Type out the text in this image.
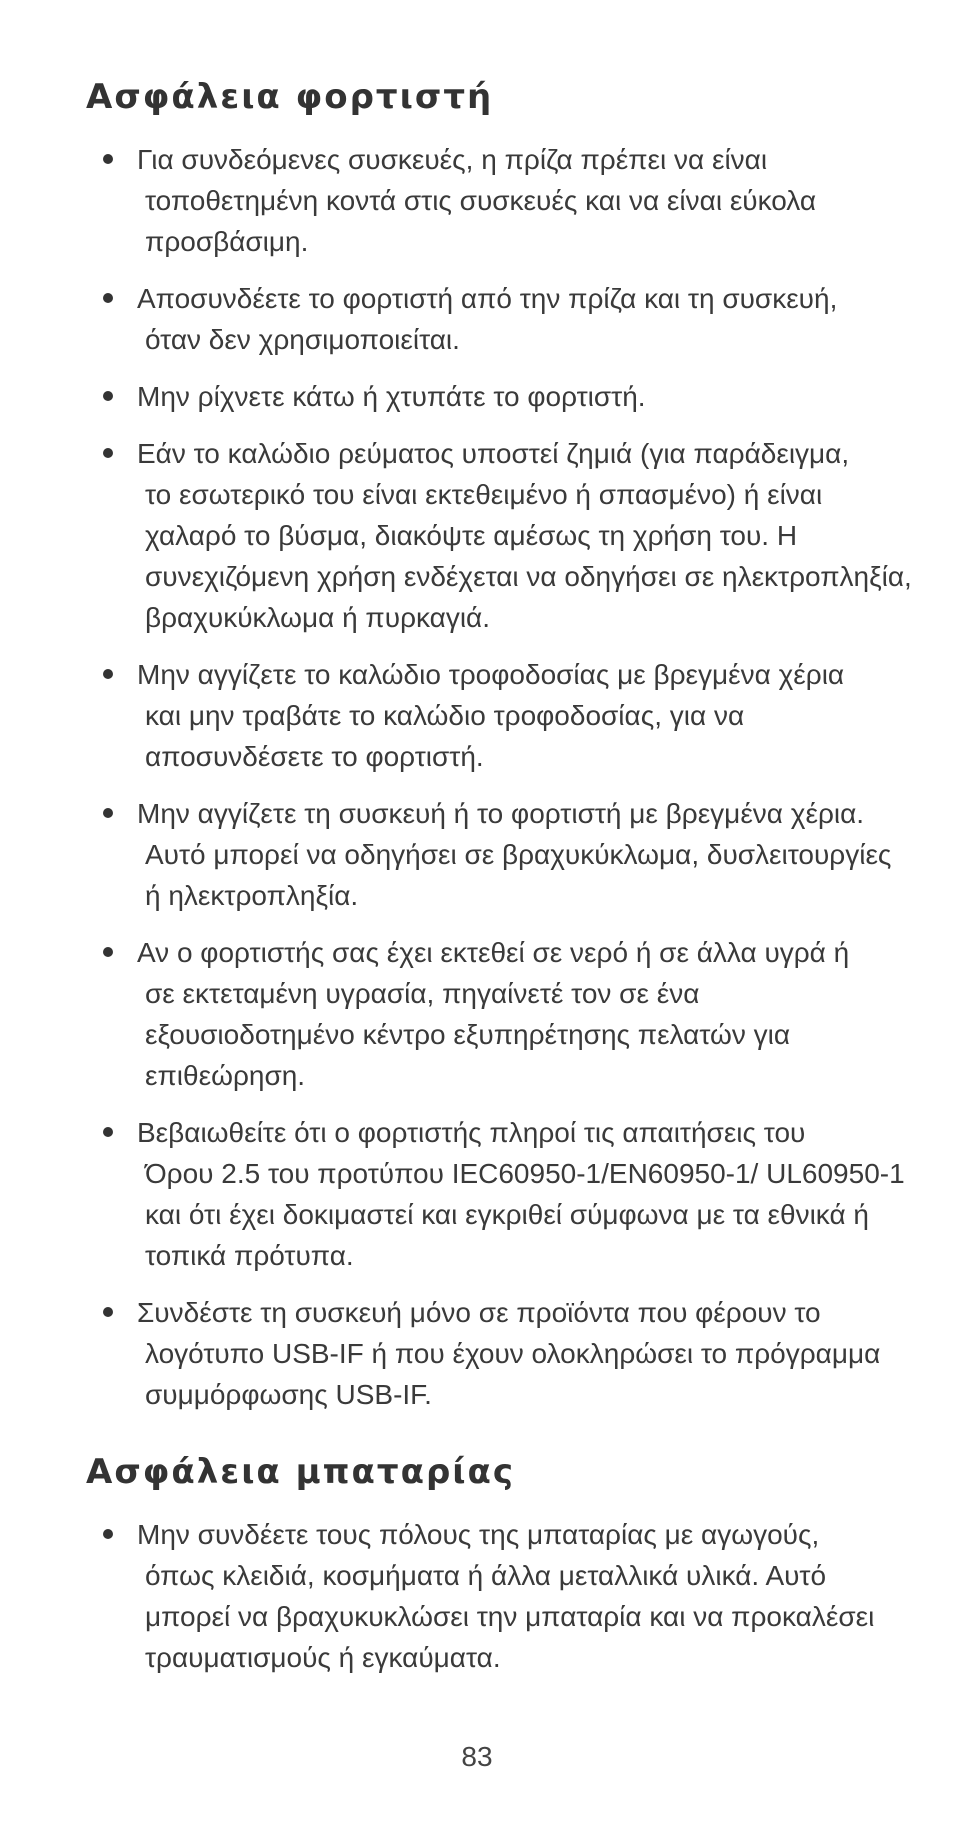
Ασφάλεια φορτιστή
Για συνδεόμενες συσκευές, η πρίζα πρέπει να είναι
τοποθετημένη κοντά στις συσκευές και να είναι εύκολα προσβάσιμη.
Αποσυνδέετε το φορτιστή από την πρίζα και τη συσκευή,
όταν δεν χρησιμοποιείται.
Μην ρίχνετε κάτω ή χτυπάτε το φορτιστή.
Εάν το καλώδιο ρεύματος υποστεί ζημιά (για παράδειγμα,
το εσωτερικό του είναι εκτεθειμένο ή σπασμένο) ή είναι χαλαρό το βύσμα, διακόψτε αμέσως τη χρήση του. Η συνεχιζόμενη χρήση ενδέχεται να οδηγήσει σε ηλεκτροπληξία, βραχυκύκλωμα ή πυρκαγιά.
Μην αγγίζετε το καλώδιο τροφοδοσίας με βρεγμένα χέρια
και μην τραβάτε το καλώδιο τροφοδοσίας, για να αποσυνδέσετε το φορτιστή.
Μην αγγίζετε τη συσκευή ή το φορτιστή με βρεγμένα χέρια.
Αυτό μπορεί να οδηγήσει σε βραχυκύκλωμα, δυσλειτουργίες ή ηλεκτροπληξία.
Αν ο φορτιστής σας έχει εκτεθεί σε νερό ή σε άλλα υγρά ή
σε εκτεταμένη υγρασία, πηγαίνετέ τον σε ένα εξουσιοδοτημένο κέντρο εξυπηρέτησης πελατών για επιθεώρηση.
Βεβαιωθείτε ότι ο φορτιστής πληροί τις απαιτήσεις του
Όρου 2.5 του προτύπου IEC60950-1/EN60950-1/ UL60950-1 και ότι έχει δοκιμαστεί και εγκριθεί σύμφωνα με τα εθνικά ή τοπικά πρότυπα.
Συνδέστε τη συσκευή μόνο σε προϊόντα που φέρουν το
λογότυπο USB-IF ή που έχουν ολοκληρώσει το πρόγραμμα συμμόρφωσης USB-IF.
Ασφάλεια μπαταρίας
Μην συνδέετε τους πόλους της μπαταρίας με αγωγούς,
όπως κλειδιά, κοσμήματα ή άλλα μεταλλικά υλικά. Αυτό μπορεί να βραχυκυκλώσει την μπαταρία και να προκαλέσει τραυματισμούς ή εγκαύματα.
83
